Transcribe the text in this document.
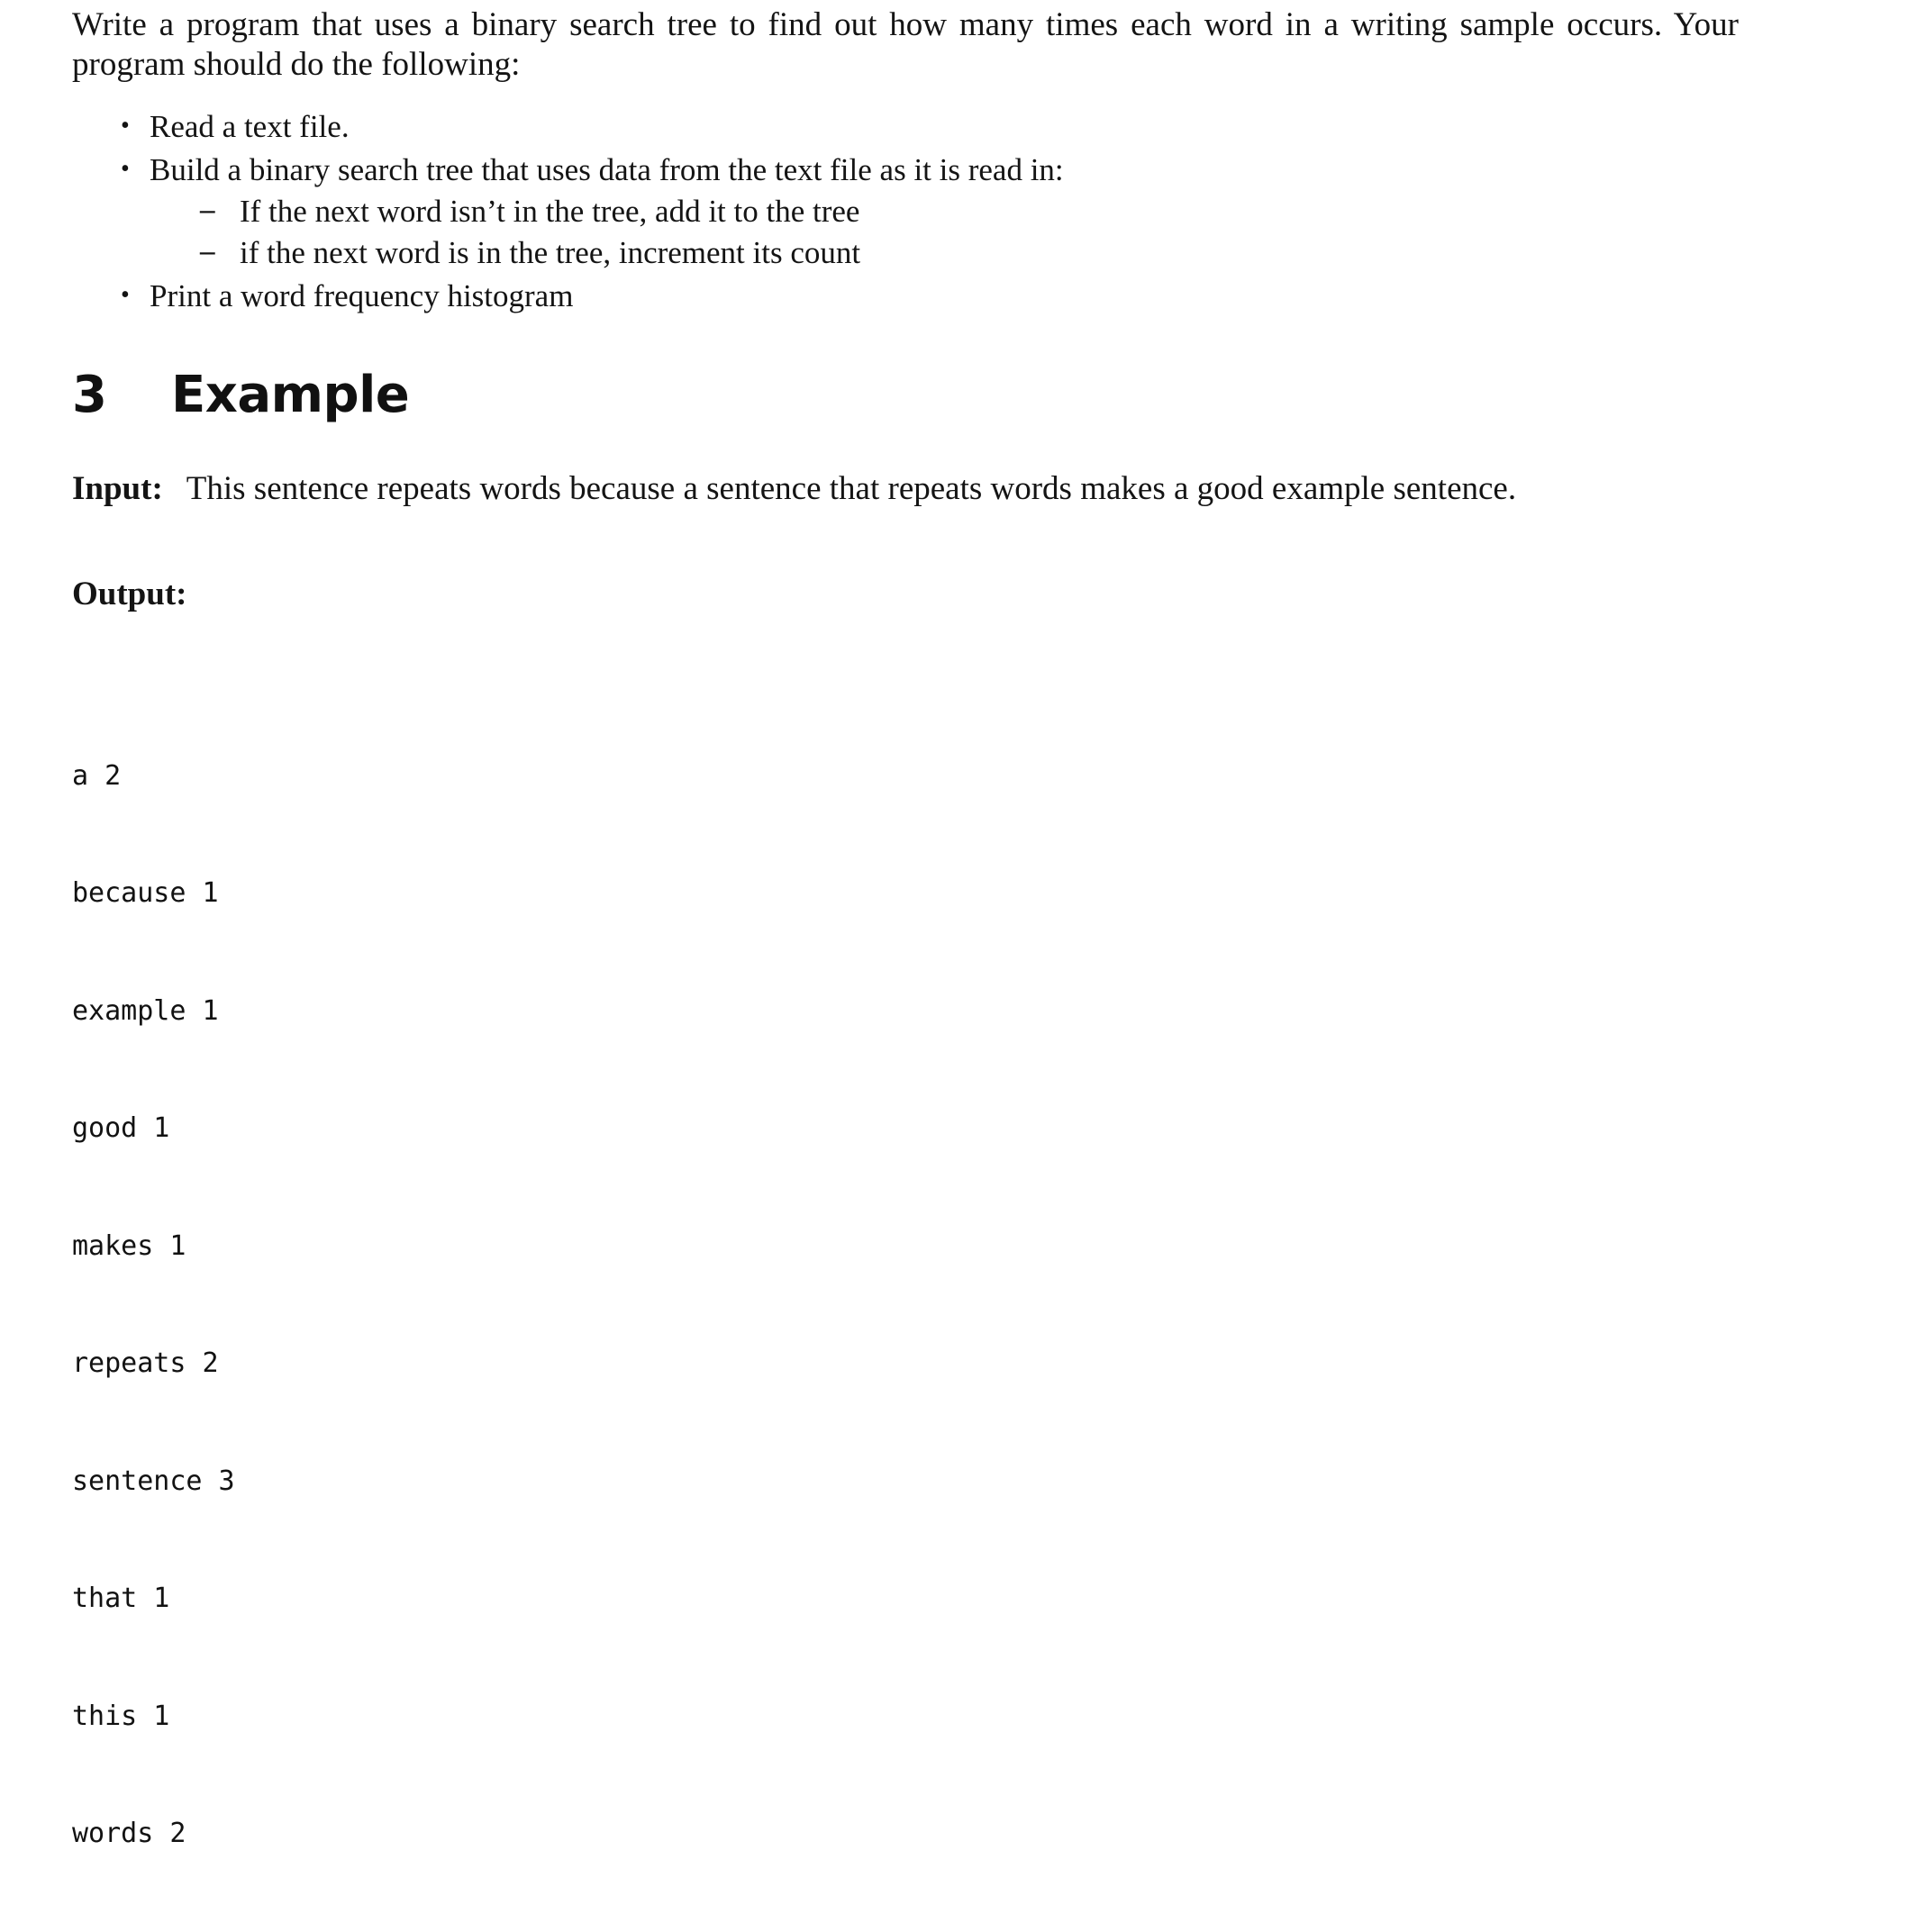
Write a program that uses a binary search tree to find out how many times each word in a writing sample occurs. Your program should do the following:

• Read a text file.
• Build a binary search tree that uses data from the text file as it is read in:
– If the next word isn’t in the tree, add it to the tree
– if the next word is in the tree, increment its count
• Print a word frequency histogram
3	Example
Input: This sentence repeats words because a sentence that repeats words makes a good example sentence.
Output:

a 2

because 1

example 1

good 1

makes 1

repeats 2

sentence 3

that 1

this 1

words 2
